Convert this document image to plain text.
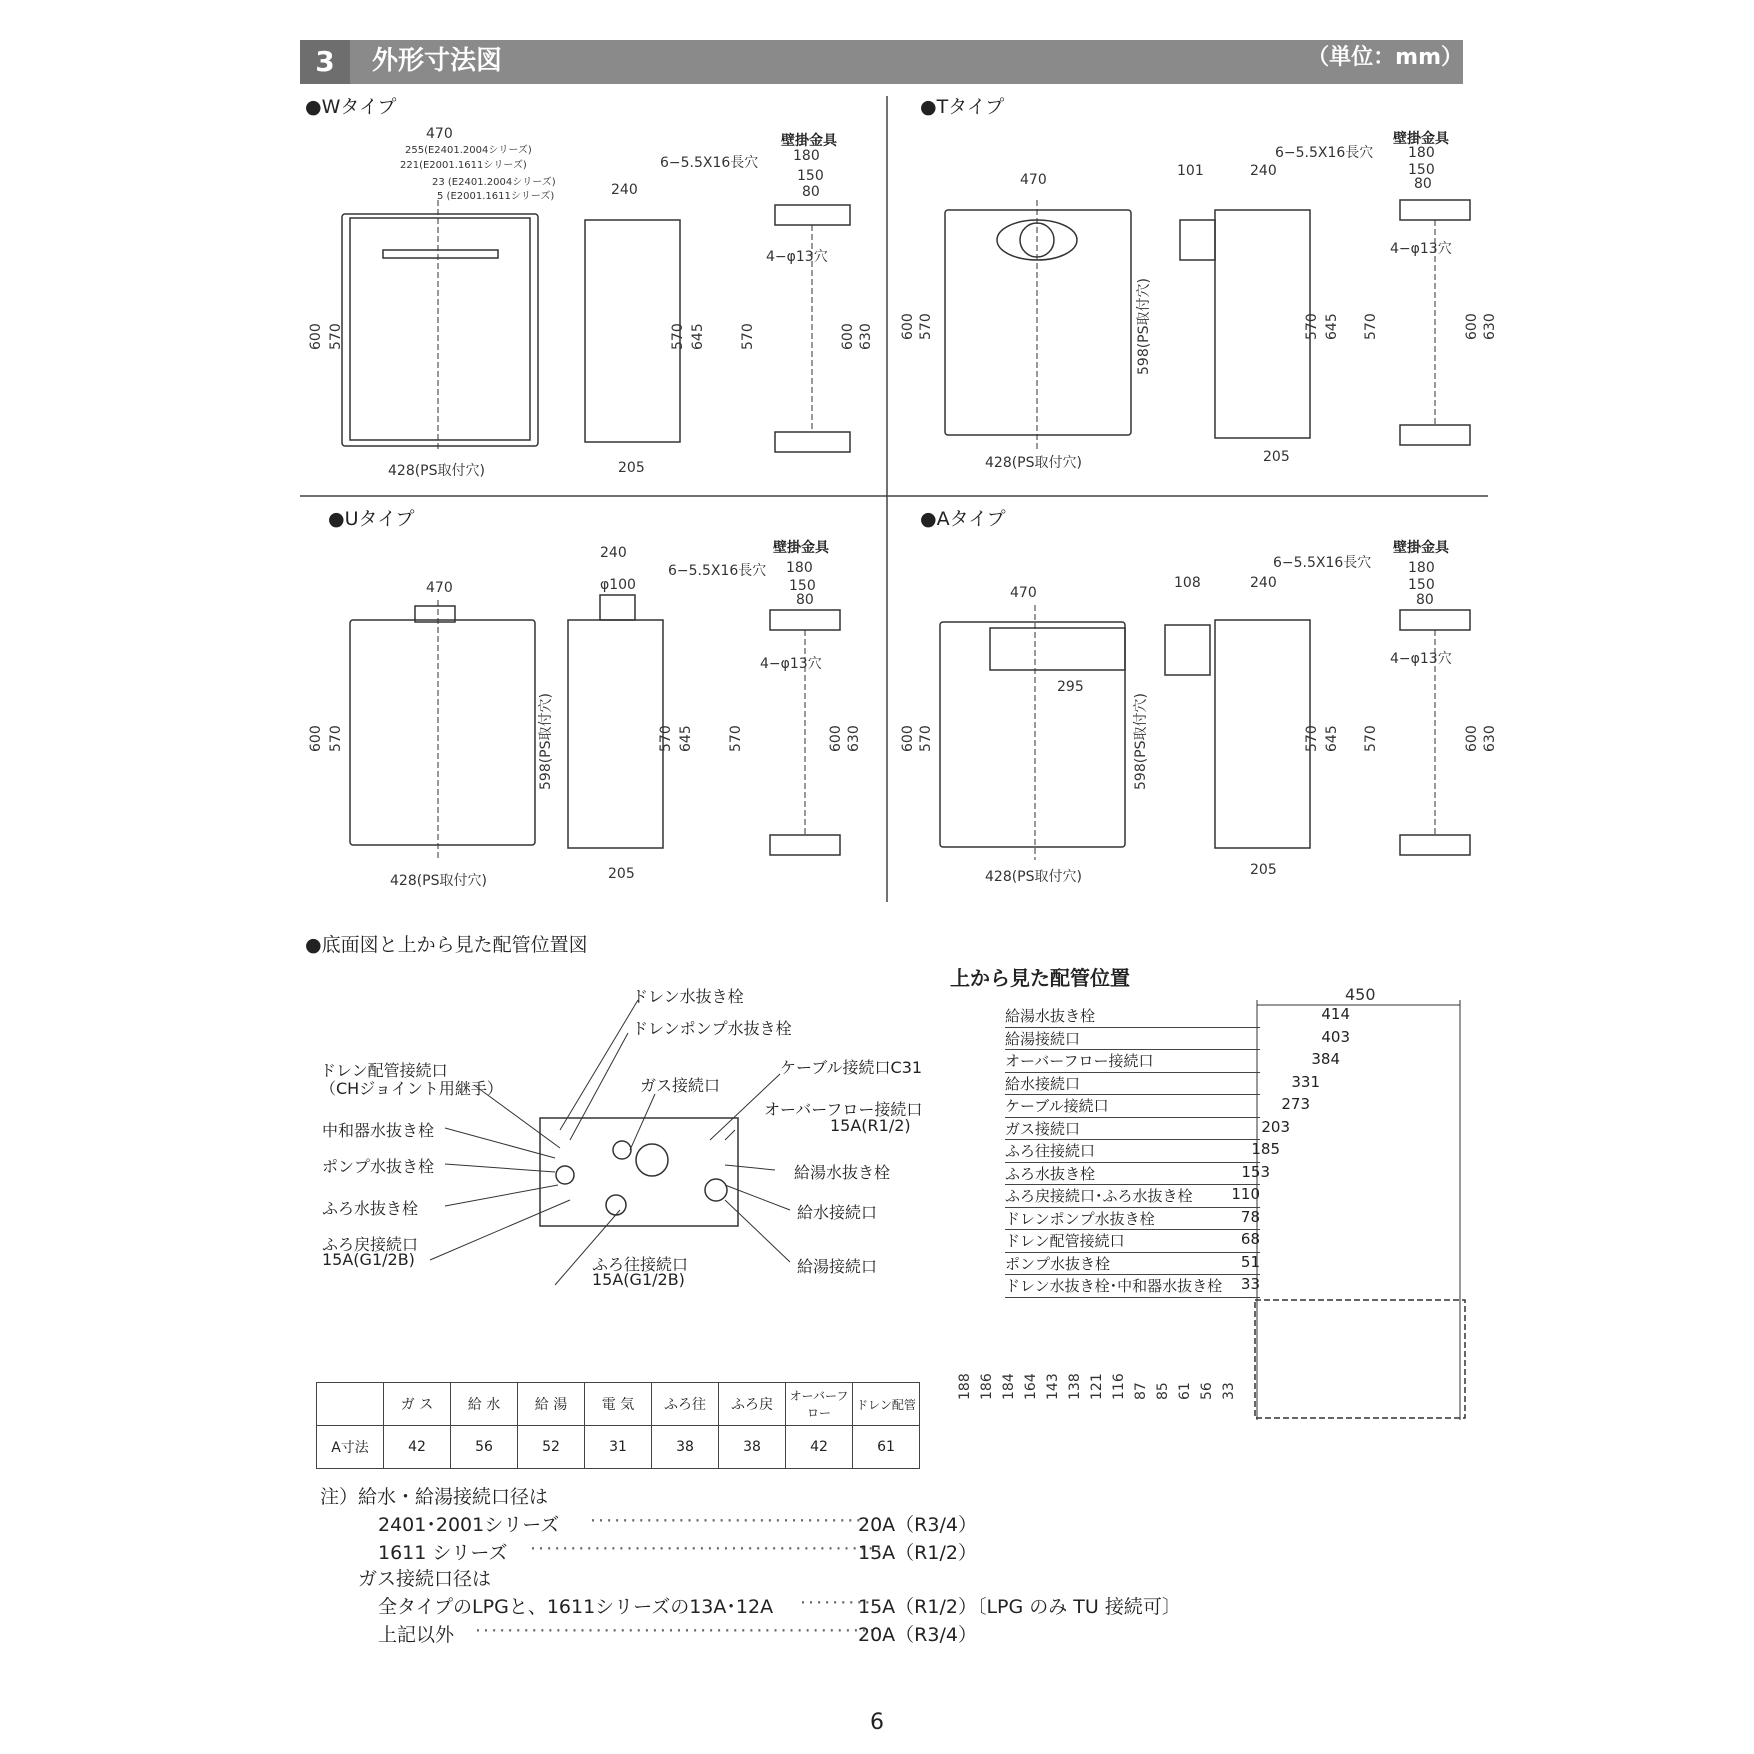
3	外形寸法図	（単位：mm）
●Wタイプ	●Tタイプ
●Uタイプ	●Aタイプ
壁掛金具	壁掛金具
壁掛金具	壁掛金具
6−5.5X16長穴
6−5.5X16長穴
6−5.5X16長穴	6−5.5X16長穴
4−φ13穴	4−φ13穴
4−φ13穴	4−φ13穴
428(PS取付穴)	428(PS取付穴)
428(PS取付穴)	428(PS取付穴)
255(E2401.2004シリーズ)
221(E2001.1611シリーズ)
23 (E2401.2004シリーズ)
5 (E2001.1611シリーズ)
470
470
470	470
240
240
240
240
205
205
205	205
295
108
101
φ100
180	180
180	180
150	150
150	150
80	80
80	80
600 570	570 645 570	600 630 600 570	598(PS取付穴)	570 645 570	600 630
600 570	598(PS取付穴)	570 645 570	600 630	600 570	598(PS取付穴)	570 645 570	600 630
●底面図と上から見た配管位置図
ドレン水抜き栓
ドレンポンプ水抜き栓
ドレン配管接続口
（CHジョイント用継手）	ガス接続口
ケーブル接続口C31
オーバーフロー接続口
15A(R1/2)
中和器水抜き栓
ポンプ水抜き栓
ふろ水抜き栓
ふろ戻接続口
15A(G1/2B)
給湯水抜き栓
給水接続口
給湯接続口
ふろ往接続口
15A(G1/2B)
上から見た配管位置
450
給湯水抜き栓	414
給湯接続口	403
オーバーフロー接続口	384
給水接続口	331
ケーブル接続口	273
ガス接続口	203
ふろ往接続口	185
ふろ水抜き栓	153
ふろ戻接続口･ふろ水抜き栓	110
ドレンポンプ水抜き栓	78
ドレン配管接続口	68
ポンプ水抜き栓	51
ドレン水抜き栓･中和器水抜き栓 33
188 186 184 164 143 138 121 116 87 85 61 56 33
	ガ ス	給 水	給 湯	電 気	ふろ往	ふろ戻	オーバーフロー	ドレン配管
A寸法	42	56	52	31	38	38	42	61
注）給水・給湯接続口径は
2401･2001シリーズ ···································
20A（R3/4）
1611 シリーズ ············································
15A（R1/2）
ガス接続口径は
全タイプのLPGと、1611シリーズの13A･12A ·········
15A（R1/2）〔LPG のみ TU 接続可〕
上記以外 ··················································
20A（R3/4）
6
